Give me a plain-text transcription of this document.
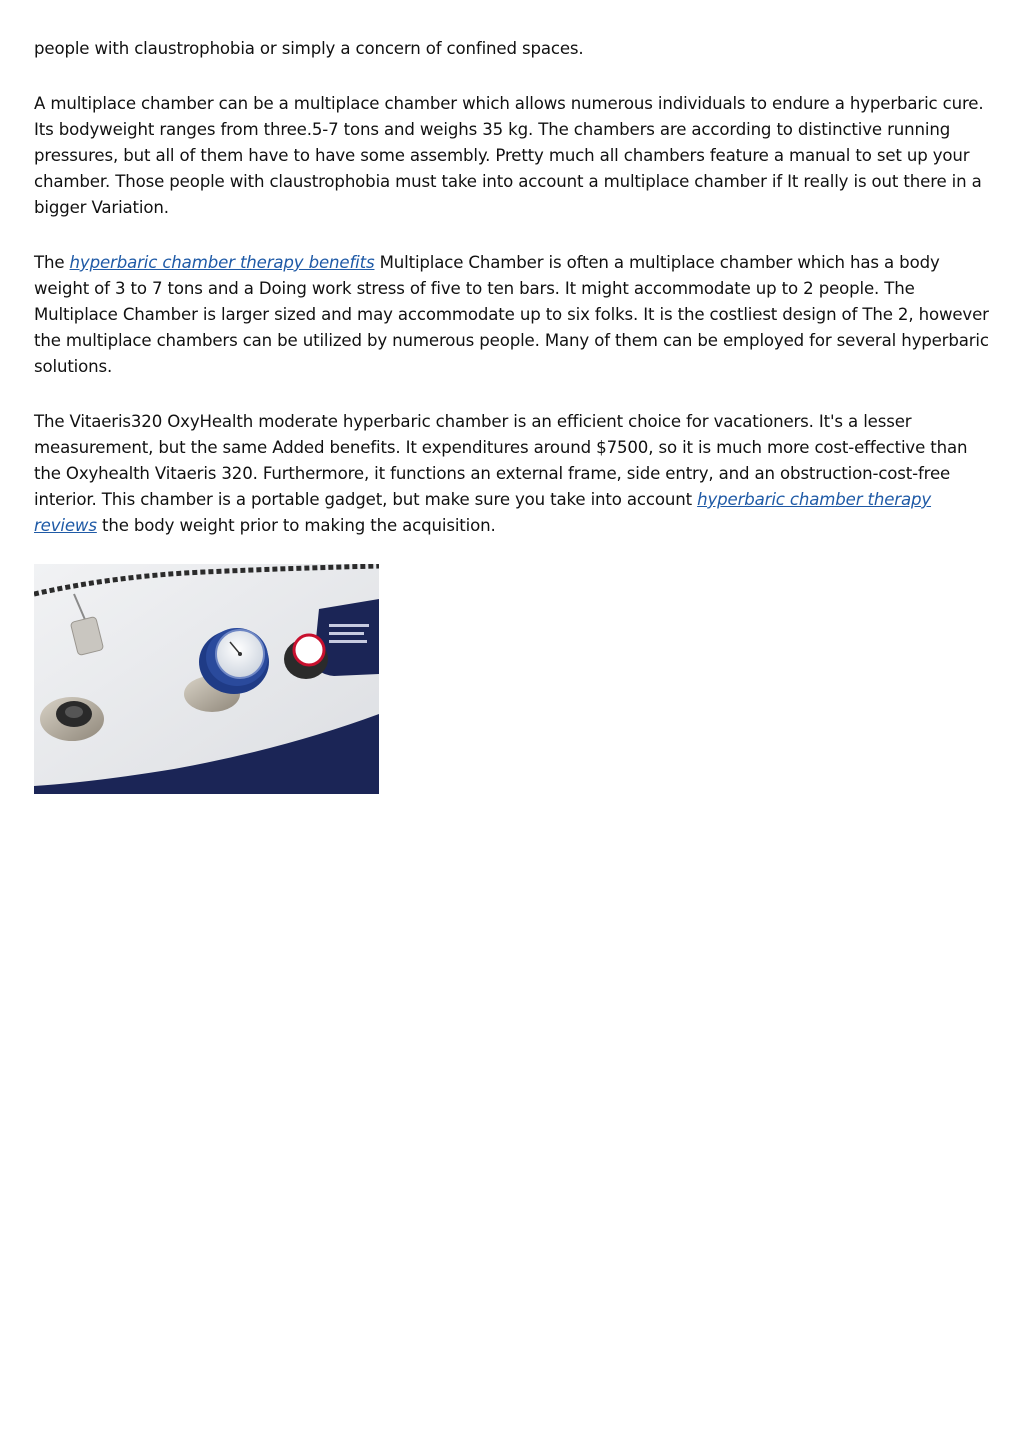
people with claustrophobia or simply a concern of confined spaces.

A multiplace chamber can be a multiplace chamber which allows numerous individuals to endure a hyperbaric cure. Its bodyweight ranges from three.5-7 tons and weighs 35 kg. The chambers are according to distinctive running pressures, but all of them have to have some assembly. Pretty much all chambers feature a manual to set up your chamber. Those people with claustrophobia must take into account a multiplace chamber if It really is out there in a bigger Variation.

The hyperbaric chamber therapy benefits Multiplace Chamber is often a multiplace chamber which has a body weight of 3 to 7 tons and a Doing work stress of five to ten bars. It might accommodate up to 2 people. The Multiplace Chamber is larger sized and may accommodate up to six folks. It is the costliest design of The 2, however the multiplace chambers can be utilized by numerous people. Many of them can be employed for several hyperbaric solutions.

The Vitaeris320 OxyHealth moderate hyperbaric chamber is an efficient choice for vacationers. It's a lesser measurement, but the same Added benefits. It expenditures around $7500, so it is much more cost-effective than the Oxyhealth Vitaeris 320. Furthermore, it functions an external frame, side entry, and an obstruction-cost-free interior. This chamber is a portable gadget, but make sure you take into account hyperbaric chamber therapy reviews the body weight prior to making the acquisition.
